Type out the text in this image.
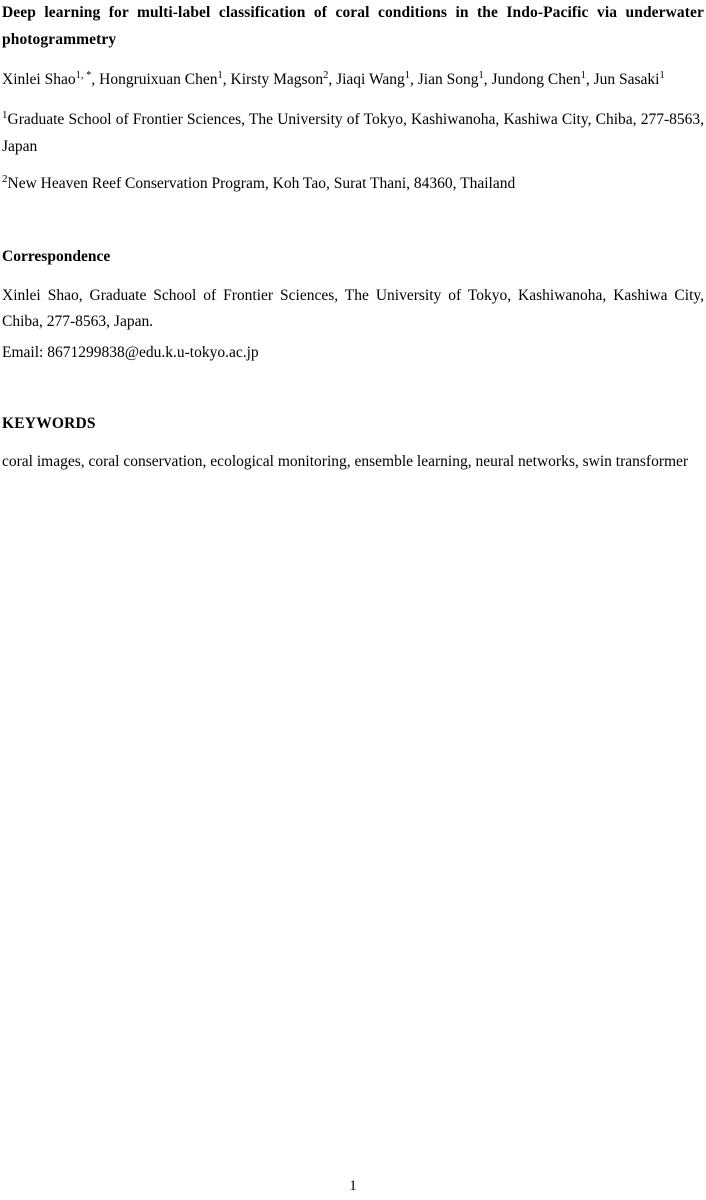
Deep learning for multi-label classification of coral conditions in the Indo-Pacific via underwater photogrammetry

Xinlei Shao$^{1, *}$, Hongruixuan Chen$^1$, Kirsty Magson$^2$, Jiaqi Wang$^1$, Jian Song$^1$, Jundong Chen$^1$, Jun Sasaki$^1$

$^1$Graduate School of Frontier Sciences, The University of Tokyo, Kashiwanoha, Kashiwa City, Chiba, 277-8563, Japan

$^2$New Heaven Reef Conservation Program, Koh Tao, Surat Thani, 84360, Thailand

Correspondence

Xinlei Shao, Graduate School of Frontier Sciences, The University of Tokyo, Kashiwanoha, Kashiwa City, Chiba, 277-8563, Japan.

Email: 8671299838@edu.k.u-tokyo.ac.jp

KEYWORDS

coral images, coral conservation, ecological monitoring, ensemble learning, neural networks, swin transformer

1
